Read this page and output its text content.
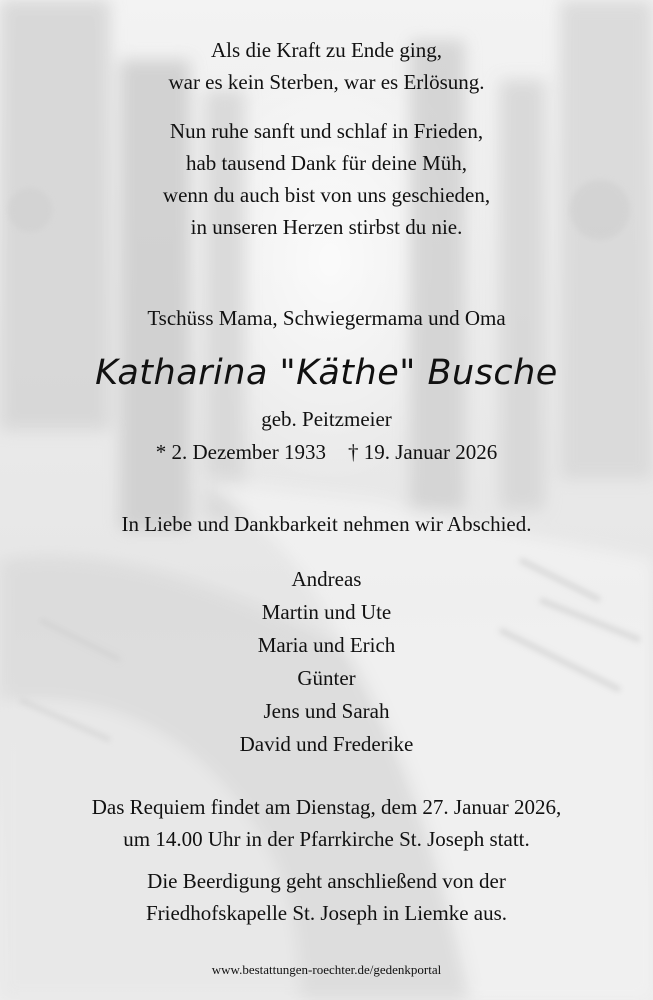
Als die Kraft zu Ende ging,
war es kein Sterben, war es Erlösung.
Nun ruhe sanft und schlaf in Frieden,
hab tausend Dank für deine Müh,
wenn du auch bist von uns geschieden,
in unseren Herzen stirbst du nie.
Tschüss Mama, Schwiegermama und Oma
Katharina "Käthe" Busche
geb. Peitzmeier
* 2. Dezember 1933 † 19. Januar 2026
In Liebe und Dankbarkeit nehmen wir Abschied.
Andreas
Martin und Ute
Maria und Erich
Günter
Jens und Sarah
David und Frederike
Das Requiem findet am Dienstag, dem 27. Januar 2026,
um 14.00 Uhr in der Pfarrkirche St. Joseph statt.
Die Beerdigung geht anschließend von der
Friedhofskapelle St. Joseph in Liemke aus.
www.bestattungen-roechter.de/gedenkportal
